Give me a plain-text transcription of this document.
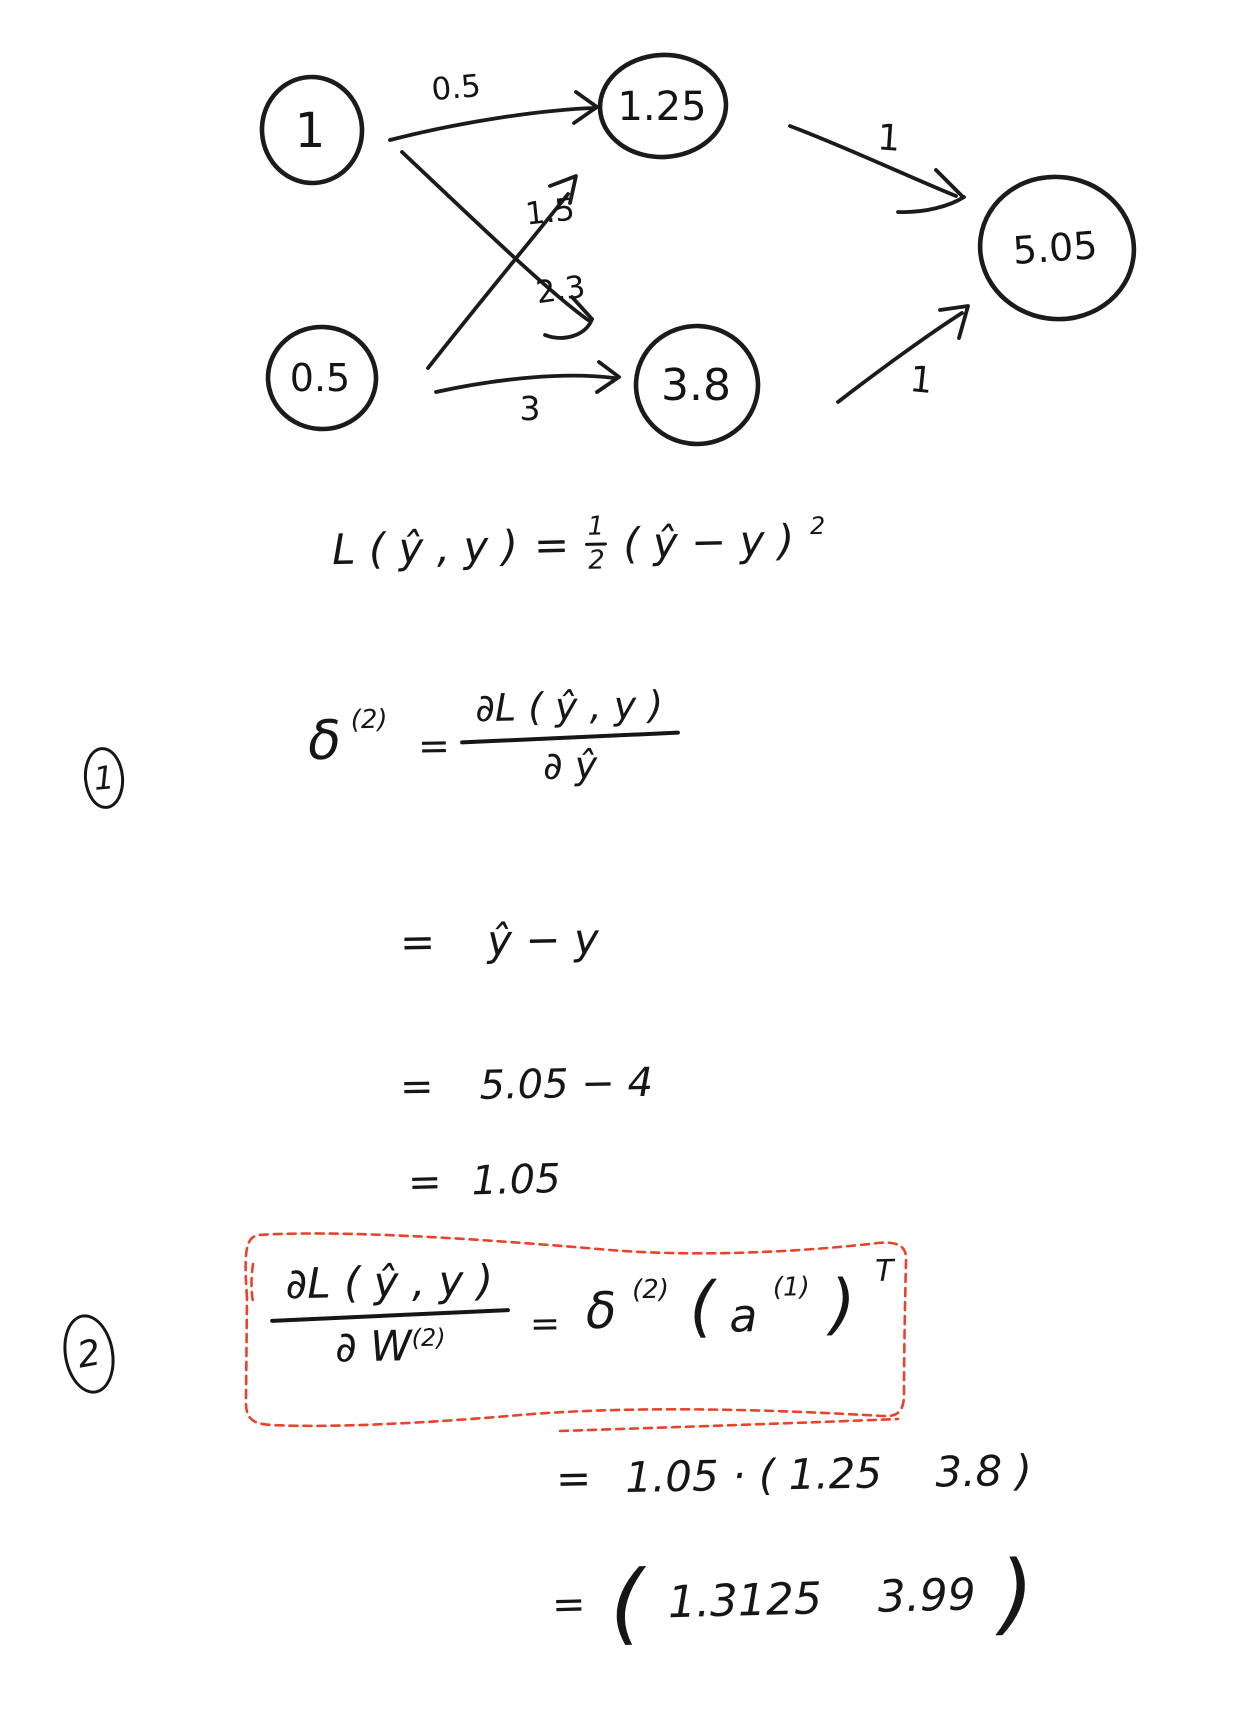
0.5
1.5
2.3
3
1
1
1
0.5
1.25
3.8
5.05
L ( ŷ , y ) = 1
2 ( ŷ − y ) 2
1
δ (2)
=
∂L ( ŷ , y )
∂ ŷ
= ŷ − y
= 5.05 − 4
= 1.05
2
∂L ( ŷ , y )
∂ W(2) = δ (2) ( a
(1) ) T
= 1.05 · ( 1.25    3.8 )
= ( 1.3125    3.99 )
